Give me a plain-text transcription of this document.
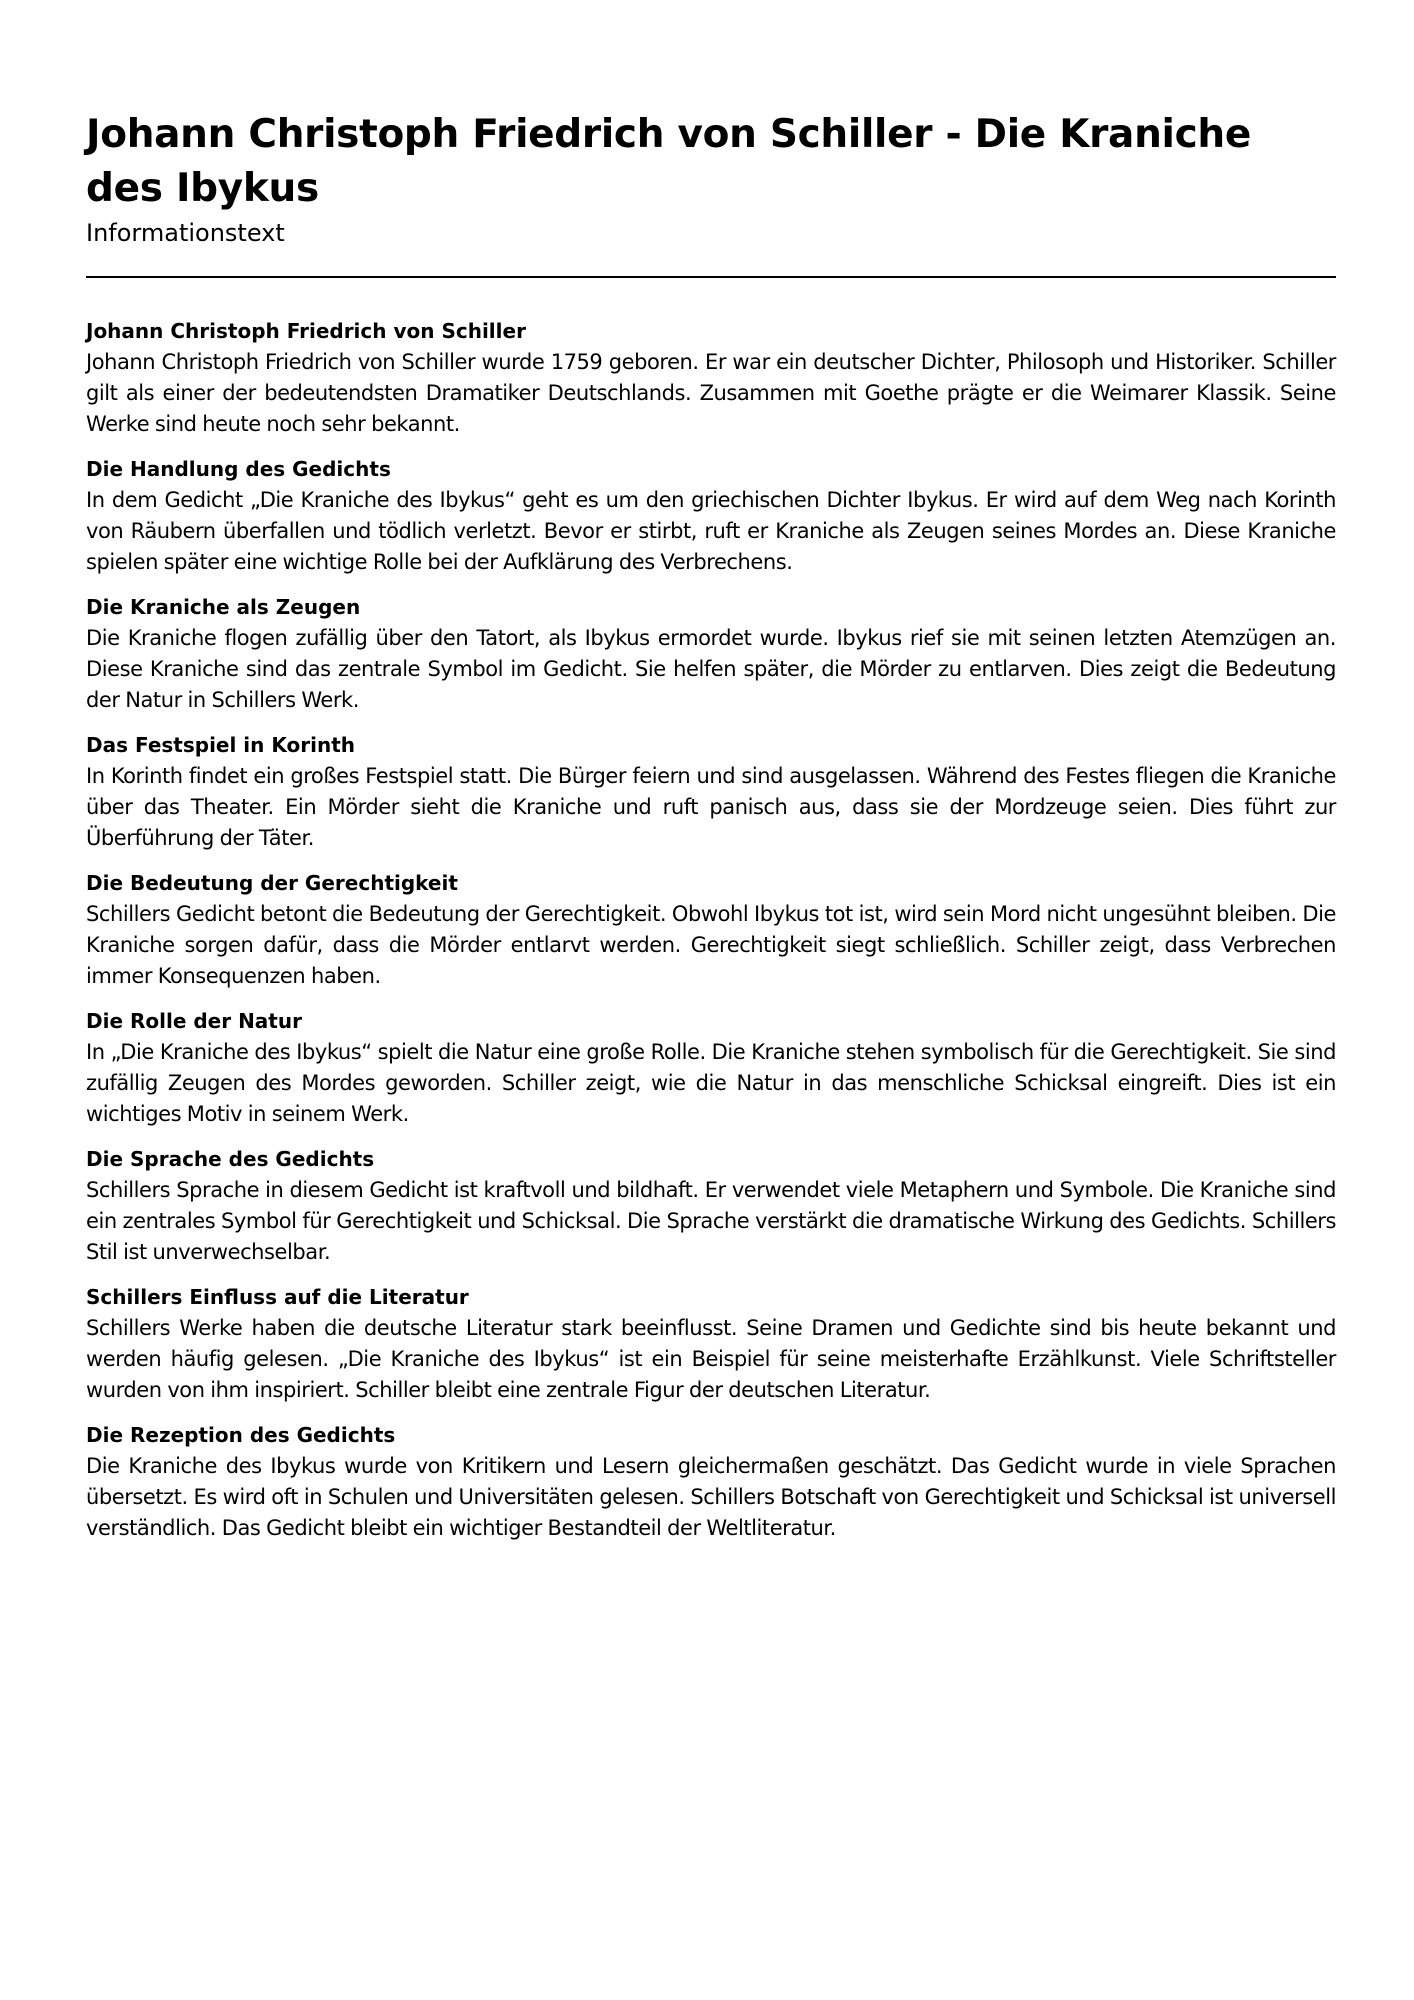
Johann Christoph Friedrich von Schiller - Die Kraniche des Ibykus
Informationstext
Johann Christoph Friedrich von Schiller

Johann Christoph Friedrich von Schiller wurde 1759 geboren. Er war ein deutscher Dichter, Philosoph und Historiker. Schiller gilt als einer der bedeutendsten Dramatiker Deutschlands. Zusammen mit Goethe prägte er die Weimarer Klassik. Seine Werke sind heute noch sehr bekannt.

Die Handlung des Gedichts

In dem Gedicht „Die Kraniche des Ibykus“ geht es um den griechischen Dichter Ibykus. Er wird auf dem Weg nach Korinth von Räubern überfallen und tödlich verletzt. Bevor er stirbt, ruft er Kraniche als Zeugen seines Mordes an. Diese Kraniche spielen später eine wichtige Rolle bei der Aufklärung des Verbrechens.

Die Kraniche als Zeugen

Die Kraniche flogen zufällig über den Tatort, als Ibykus ermordet wurde. Ibykus rief sie mit seinen letzten Atemzügen an. Diese Kraniche sind das zentrale Symbol im Gedicht. Sie helfen später, die Mörder zu entlarven. Dies zeigt die Bedeutung der Natur in Schillers Werk.

Das Festspiel in Korinth

In Korinth findet ein großes Festspiel statt. Die Bürger feiern und sind ausgelassen. Während des Festes fliegen die Kraniche über das Theater. Ein Mörder sieht die Kraniche und ruft panisch aus, dass sie der Mordzeuge seien. Dies führt zur Überführung der Täter.

Die Bedeutung der Gerechtigkeit

Schillers Gedicht betont die Bedeutung der Gerechtigkeit. Obwohl Ibykus tot ist, wird sein Mord nicht ungesühnt bleiben. Die Kraniche sorgen dafür, dass die Mörder entlarvt werden. Gerechtigkeit siegt schließlich. Schiller zeigt, dass Verbrechen immer Konsequenzen haben.

Die Rolle der Natur

In „Die Kraniche des Ibykus“ spielt die Natur eine große Rolle. Die Kraniche stehen symbolisch für die Gerechtigkeit. Sie sind zufällig Zeugen des Mordes geworden. Schiller zeigt, wie die Natur in das menschliche Schicksal eingreift. Dies ist ein wichtiges Motiv in seinem Werk.

Die Sprache des Gedichts

Schillers Sprache in diesem Gedicht ist kraftvoll und bildhaft. Er verwendet viele Metaphern und Symbole. Die Kraniche sind ein zentrales Symbol für Gerechtigkeit und Schicksal. Die Sprache verstärkt die dramatische Wirkung des Gedichts. Schillers Stil ist unverwechselbar.

Schillers Einfluss auf die Literatur

Schillers Werke haben die deutsche Literatur stark beeinflusst. Seine Dramen und Gedichte sind bis heute bekannt und werden häufig gelesen. „Die Kraniche des Ibykus“ ist ein Beispiel für seine meisterhafte Erzählkunst. Viele Schriftsteller wurden von ihm inspiriert. Schiller bleibt eine zentrale Figur der deutschen Literatur.

Die Rezeption des Gedichts

Die Kraniche des Ibykus wurde von Kritikern und Lesern gleichermaßen geschätzt. Das Gedicht wurde in viele Sprachen übersetzt. Es wird oft in Schulen und Universitäten gelesen. Schillers Botschaft von Gerechtigkeit und Schicksal ist universell verständlich. Das Gedicht bleibt ein wichtiger Bestandteil der Weltliteratur.
